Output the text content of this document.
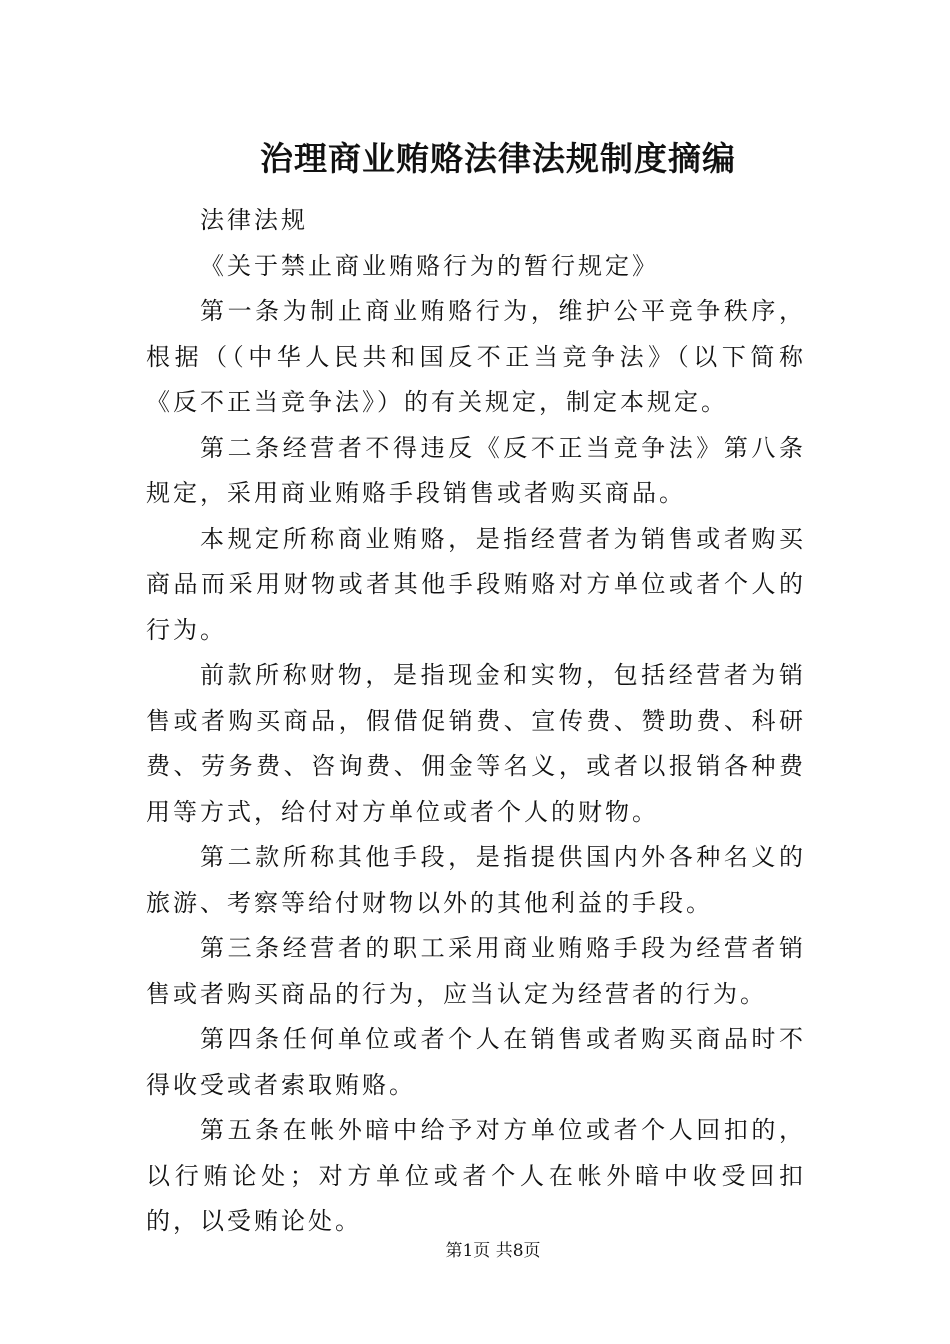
治理商业贿赂法律法规制度摘编

法律法规

《关于禁止商业贿赂行为的暂行规定》

第一条为制止商业贿赂行为，维护公平竞争秩序，根据（（中华人民共和国反不正当竞争法》（以下简称《反不正当竞争法》）的有关规定，制定本规定。

第二条经营者不得违反《反不正当竞争法》第八条规定，采用商业贿赂手段销售或者购买商品。

本规定所称商业贿赂，是指经营者为销售或者购买商品而采用财物或者其他手段贿赂对方单位或者个人的行为。

前款所称财物，是指现金和实物，包括经营者为销售或者购买商品，假借促销费、宣传费、赞助费、科研费、劳务费、咨询费、佣金等名义，或者以报销各种费用等方式，给付对方单位或者个人的财物。

第二款所称其他手段，是指提供国内外各种名义的旅游、考察等给付财物以外的其他利益的手段。

第三条经营者的职工采用商业贿赂手段为经营者销售或者购买商品的行为，应当认定为经营者的行为。

第四条任何单位或者个人在销售或者购买商品时不得收受或者索取贿赂。

第五条在帐外暗中给予对方单位或者个人回扣的，以行贿论处；对方单位或者个人在帐外暗中收受回扣的，以受贿论处。

第1页 共8页
